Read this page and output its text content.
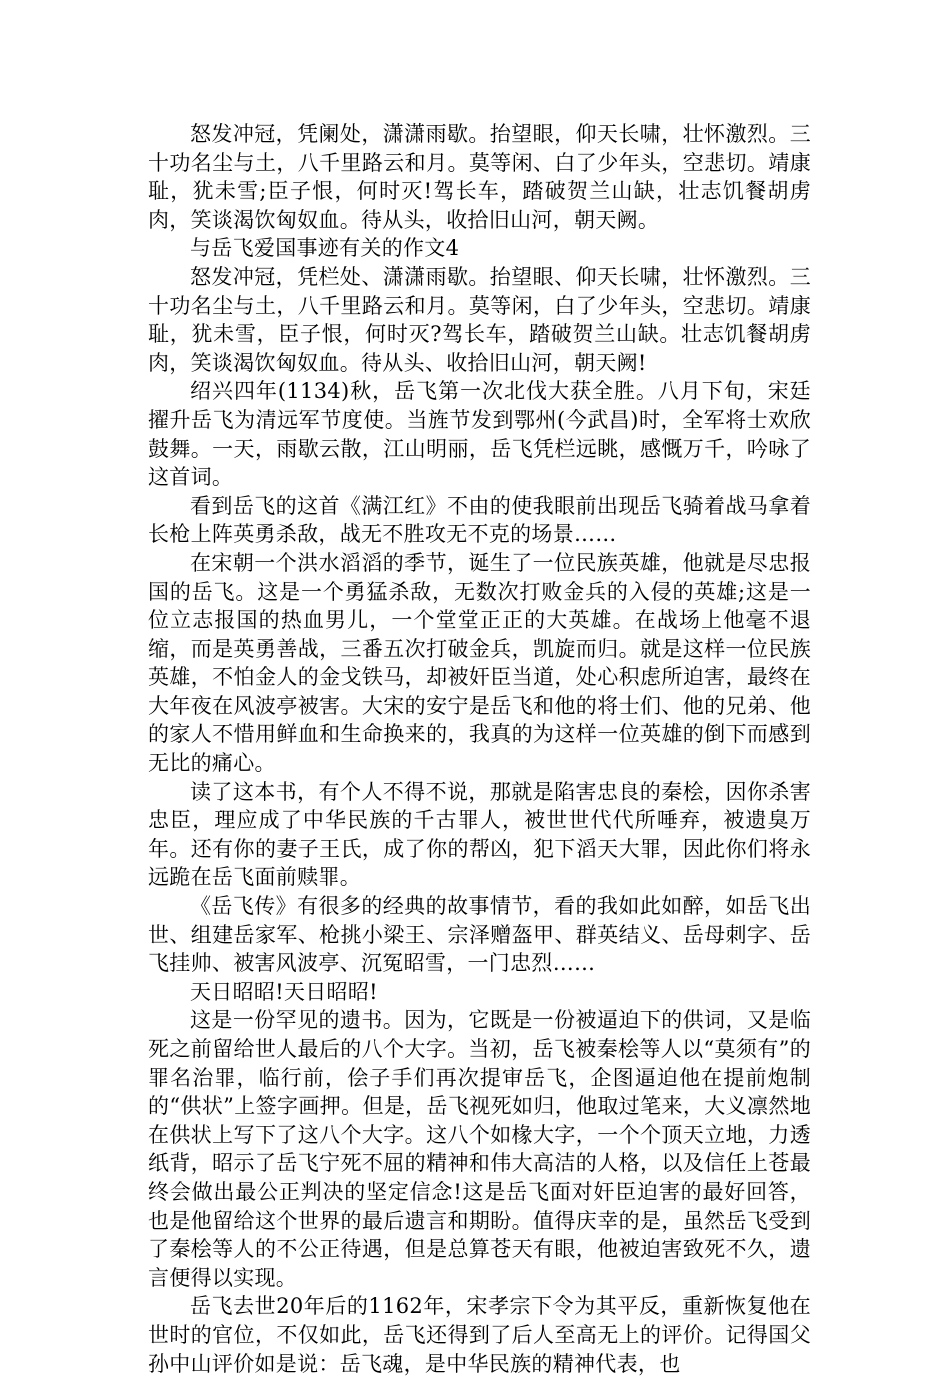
怒发冲冠，凭阑处，潇潇雨歇。抬望眼，仰天长啸，壮怀激烈。三十功名尘与土，八千里路云和月。莫等闲、白了少年头，空悲切。靖康耻，犹未雪;臣子恨，何时灭!驾长车，踏破贺兰山缺，壮志饥餐胡虏肉，笑谈渴饮匈奴血。待从头，收拾旧山河，朝天阙。

与岳飞爱国事迹有关的作文4

怒发冲冠，凭栏处、潇潇雨歇。抬望眼、仰天长啸，壮怀激烈。三十功名尘与土，八千里路云和月。莫等闲，白了少年头，空悲切。靖康耻，犹未雪，臣子恨，何时灭?驾长车，踏破贺兰山缺。壮志饥餐胡虏肉，笑谈渴饮匈奴血。待从头、收拾旧山河，朝天阙!

绍兴四年(1134)秋，岳飞第一次北伐大获全胜。八月下旬，宋廷擢升岳飞为清远军节度使。当旌节发到鄂州(今武昌)时，全军将士欢欣鼓舞。一天，雨歇云散，江山明丽，岳飞凭栏远眺，感慨万千，吟咏了这首词。

看到岳飞的这首《满江红》不由的使我眼前出现岳飞骑着战马拿着长枪上阵英勇杀敌，战无不胜攻无不克的场景……

在宋朝一个洪水滔滔的季节，诞生了一位民族英雄，他就是尽忠报国的岳飞。这是一个勇猛杀敌，无数次打败金兵的入侵的英雄;这是一位立志报国的热血男儿，一个堂堂正正的大英雄。在战场上他毫不退缩，而是英勇善战，三番五次打破金兵，凯旋而归。就是这样一位民族英雄，不怕金人的金戈铁马，却被奸臣当道，处心积虑所迫害，最终在大年夜在风波亭被害。大宋的安宁是岳飞和他的将士们、他的兄弟、他的家人不惜用鲜血和生命换来的，我真的为这样一位英雄的倒下而感到无比的痛心。

读了这本书，有个人不得不说，那就是陷害忠良的秦桧，因你杀害忠臣，理应成了中华民族的千古罪人，被世世代代所唾弃，被遗臭万年。还有你的妻子王氏，成了你的帮凶，犯下滔天大罪，因此你们将永远跪在岳飞面前赎罪。

《岳飞传》有很多的经典的故事情节，看的我如此如醉，如岳飞出世、组建岳家军、枪挑小梁王、宗泽赠盔甲、群英结义、岳母刺字、岳飞挂帅、被害风波亭、沉冤昭雪，一门忠烈……

天日昭昭!天日昭昭!

这是一份罕见的遗书。因为，它既是一份被逼迫下的供词，又是临死之前留给世人最后的八个大字。当初，岳飞被秦桧等人以“莫须有”的罪名治罪，临行前，侩子手们再次提审岳飞，企图逼迫他在提前炮制的“供状”上签字画押。但是，岳飞视死如归，他取过笔来，大义凛然地在供状上写下了这八个大字。这八个如椽大字，一个个顶天立地，力透纸背，昭示了岳飞宁死不屈的精神和伟大高洁的人格，以及信任上苍最终会做出最公正判决的坚定信念!这是岳飞面对奸臣迫害的最好回答，也是他留给这个世界的最后遗言和期盼。值得庆幸的是，虽然岳飞受到了秦桧等人的不公正待遇，但是总算苍天有眼，他被迫害致死不久，遗言便得以实现。

岳飞去世20年后的1162年，宋孝宗下令为其平反，重新恢复他在世时的官位，不仅如此，岳飞还得到了后人至高无上的评价。记得国父孙中山评价如是说：岳飞魂，是中华民族的精神代表，也
